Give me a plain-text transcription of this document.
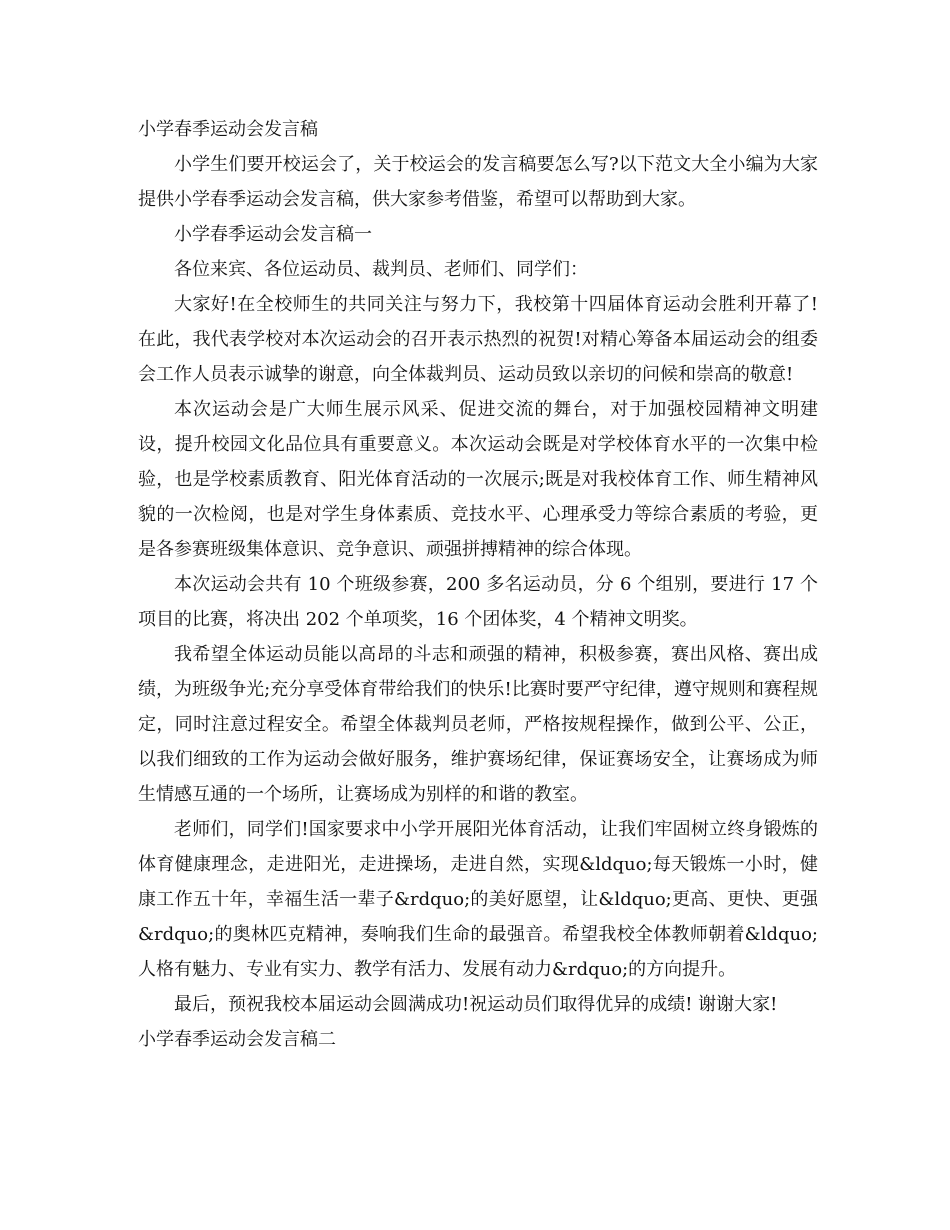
小学春季运动会发言稿

小学生们要开校运会了，关于校运会的发言稿要怎么写?以下范文大全小编为大家提供小学春季运动会发言稿，供大家参考借鉴，希望可以帮助到大家。

小学春季运动会发言稿一

各位来宾、各位运动员、裁判员、老师们、同学们：

大家好!在全校师生的共同关注与努力下，我校第十四届体育运动会胜利开幕了!在此，我代表学校对本次运动会的召开表示热烈的祝贺!对精心筹备本届运动会的组委会工作人员表示诚挚的谢意，向全体裁判员、运动员致以亲切的问候和崇高的敬意!

本次运动会是广大师生展示风采、促进交流的舞台，对于加强校园精神文明建设，提升校园文化品位具有重要意义。本次运动会既是对学校体育水平的一次集中检验，也是学校素质教育、阳光体育活动的一次展示;既是对我校体育工作、师生精神风貌的一次检阅，也是对学生身体素质、竞技水平、心理承受力等综合素质的考验，更是各参赛班级集体意识、竞争意识、顽强拼搏精神的综合体现。

本次运动会共有 10 个班级参赛，200 多名运动员，分 6 个组别，要进行 17 个项目的比赛，将决出 202 个单项奖，16 个团体奖，4 个精神文明奖。

我希望全体运动员能以高昂的斗志和顽强的精神，积极参赛，赛出风格、赛出成绩，为班级争光;充分享受体育带给我们的快乐!比赛时要严守纪律，遵守规则和赛程规定，同时注意过程安全。希望全体裁判员老师，严格按规程操作，做到公平、公正，以我们细致的工作为运动会做好服务，维护赛场纪律，保证赛场安全，让赛场成为师生情感互通的一个场所，让赛场成为别样的和谐的教室。

老师们，同学们!国家要求中小学开展阳光体育活动，让我们牢固树立终身锻炼的体育健康理念，走进阳光，走进操场，走进自然，实现&ldquo;每天锻炼一小时，健康工作五十年，幸福生活一辈子&rdquo;的美好愿望，让&ldquo;更高、更快、更强&rdquo;的奥林匹克精神，奏响我们生命的最强音。希望我校全体教师朝着&ldquo;人格有魅力、专业有实力、教学有活力、发展有动力&rdquo;的方向提升。

最后，预祝我校本届运动会圆满成功!祝运动员们取得优异的成绩! 谢谢大家!

小学春季运动会发言稿二
